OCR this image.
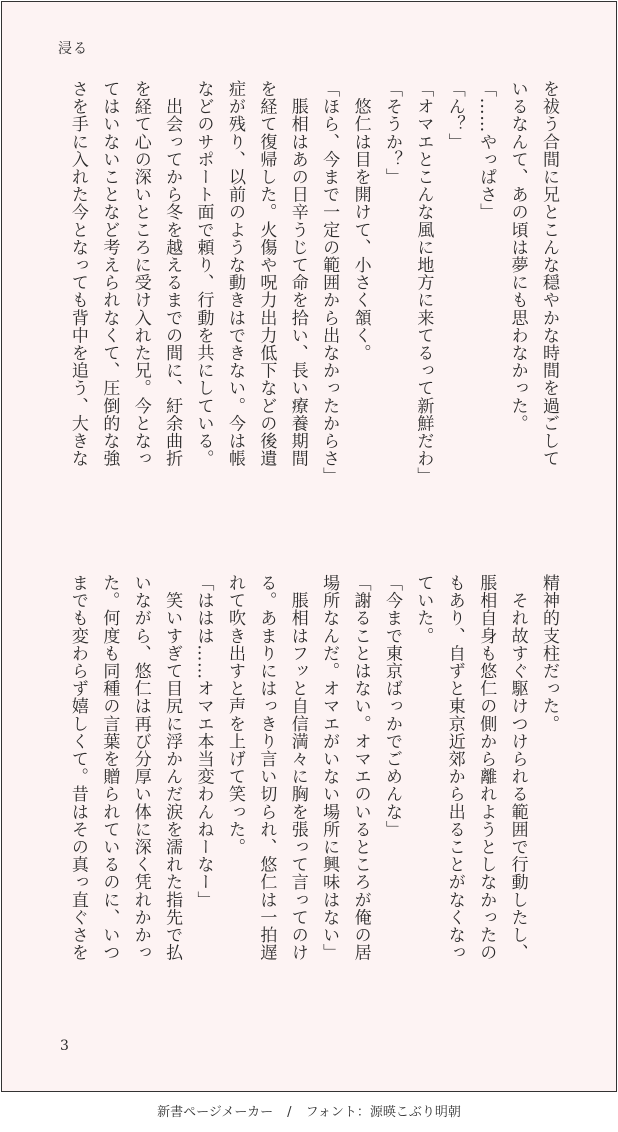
浸る
を祓う合間に兄とこんな穏やかな時間を過ごして
いるなんて、あの頃は夢にも思わなかった。
「……やっぱさ」
「ん？」
「オマエとこんな風に地方に来てるって新鮮だわ」
「そうか？」
　悠仁は目を開けて、小さく頷く。
「ほら、今まで一定の範囲から出なかったからさ」
　脹相はあの日辛うじて命を拾い、長い療養期間
を経て復帰した。火傷や呪力出力低下などの後遺
症が残り、以前のような動きはできない。今は帳
などのサポート面で頼り、行動を共にしている。
　出会ってから冬を越えるまでの間に、紆余曲折
を経て心の深いところに受け入れた兄。今となっ
てはいないことなど考えられなくて、圧倒的な強
さを手に入れた今となっても背中を追う、大きな
精神的支柱だった。
　それ故すぐ駆けつけられる範囲で行動したし、
脹相自身も悠仁の側から離れようとしなかったの
もあり、自ずと東京近郊から出ることがなくなっ
ていた。
「今まで東京ばっかでごめんな」
「謝ることはない。オマエのいるところが俺の居
場所なんだ。オマエがいない場所に興味はない」
　脹相はフッと自信満々に胸を張って言ってのけ
る。あまりにはっきり言い切られ、悠仁は一拍遅
れて吹き出すと声を上げて笑った。
「ははは……オマエ本当変わんねーなー」
　笑いすぎて目尻に浮かんだ涙を濡れた指先で払
いながら、悠仁は再び分厚い体に深く凭れかかっ
た。何度も同種の言葉を贈られているのに、いつ
までも変わらず嬉しくて。昔はその真っ直ぐさを
3
新書ページメーカー / フォント：源暎こぶり明朝
